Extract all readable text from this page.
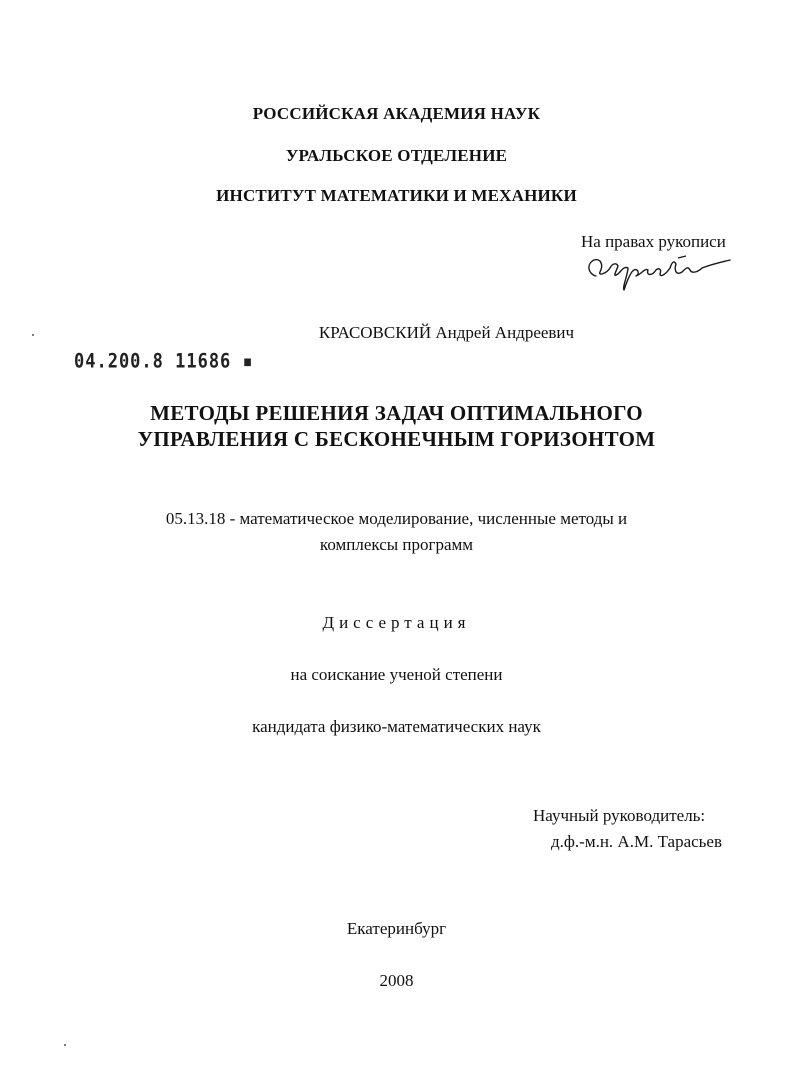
РОССИЙСКАЯ АКАДЕМИЯ НАУК
УРАЛЬСКОЕ ОТДЕЛЕНИЕ
ИНСТИТУТ МАТЕМАТИКИ И МЕХАНИКИ
На правах рукописи
04.200.8 11686 ▪
КРАСОВСКИЙ Андрей Андреевич
МЕТОДЫ РЕШЕНИЯ ЗАДАЧ ОПТИМАЛЬНОГО
УПРАВЛЕНИЯ С БЕСКОНЕЧНЫМ ГОРИЗОНТОМ
05.13.18 - математическое моделирование, численные методы и
комплексы программ
Диссертация
на соискание ученой степени
кандидата физико-математических наук
Научный руководитель:
д.ф.-м.н. А.М. Тарасьев
Екатеринбург
2008
